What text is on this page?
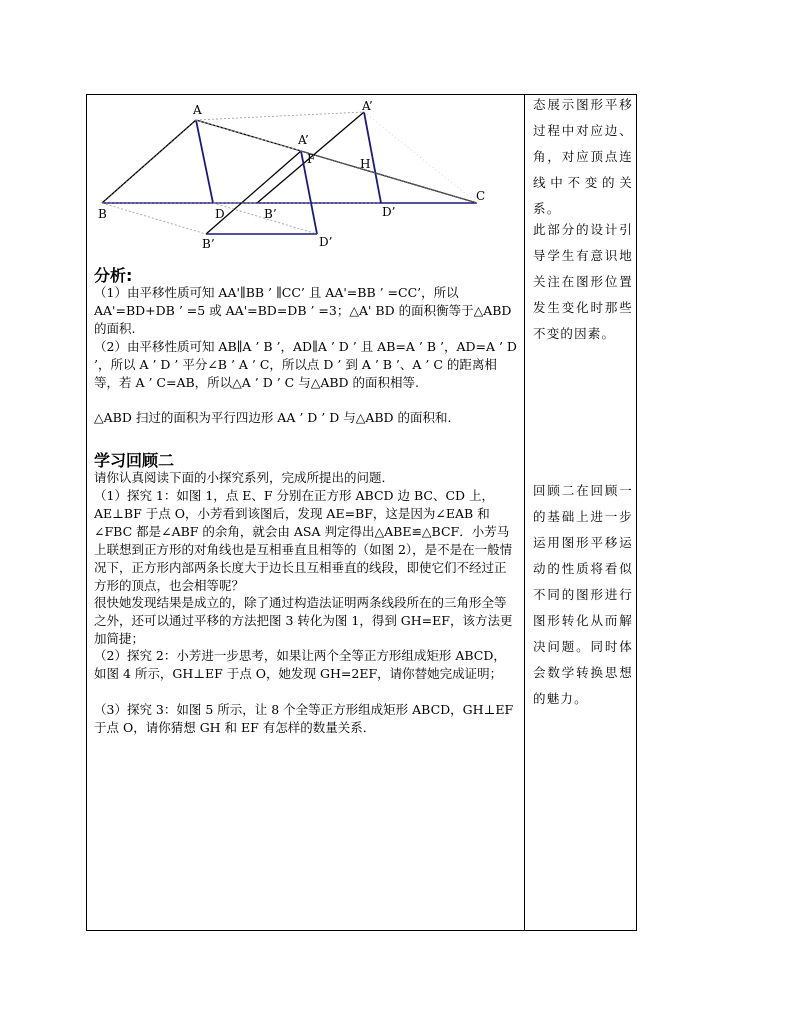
A	A’
A’
F	H
C
B	D	B’	D’
B’	D’
分析:
（1）由平移性质可知 AA'∥BB ’ ∥CC’ 且 AA'=BB ’ =CC’，所以 AA'=BD+DB ’ =5 或 AA'=BD=DB ’ =3；△A' BD 的面积衡等于△ABD 的面积.
（2）由平移性质可知 AB∥A ’ B ’，AD∥A ’ D ’ 且 AB=A ’ B ’，AD=A ’ D ’，所以 A ’ D ’ 平分∠B ’ A ’ C，所以点 D ’ 到 A ’ B ’、A ’ C 的距离相等，若 A ’ C=AB，所以△A ’ D ’ C 与△ABD 的面积相等.
△ABD 扫过的面积为平行四边形 AA ’ D ’ D 与△ABD 的面积和.
学习回顾二
请你认真阅读下面的小探究系列，完成所提出的问题．
（1）探究 1：如图 1，点 E、F 分别在正方形 ABCD 边 BC、CD 上，AE⊥BF 于点 O，小芳看到该图后，发现 AE=BF，这是因为∠EAB 和∠FBC 都是∠ABF 的余角，就会由 ASA 判定得出△ABE≌△BCF．小芳马上联想到正方形的对角线也是互相垂直且相等的（如图 2），是不是在一般情况下，正方形内部两条长度大于边长且互相垂直的线段，即使它们不经过正方形的顶点，也会相等呢？
很快她发现结果是成立的，除了通过构造法证明两条线段所在的三角形全等之外，还可以通过平移的方法把图 3 转化为图 1，得到 GH=EF，该方法更加简捷；
（2）探究 2：小芳进一步思考，如果让两个全等正方形组成矩形 ABCD，如图 4 所示，GH⊥EF 于点 O，她发现 GH=2EF，请你替她完成证明；
（3）探究 3：如图 5 所示，让 8 个全等正方形组成矩形 ABCD，GH⊥EF 于点 O，请你猜想 GH 和 EF 有怎样的数量关系．
态展示图形平移过程中对应边、角，对应顶点连线中不变的关系。
此部分的设计引导学生有意识地关注在图形位置发生变化时那些不变的因素。
回顾二在回顾一的基础上进一步运用图形平移运动的性质将看似不同的图形进行图形转化从而解决问题。同时体会数学转换思想的魅力。
